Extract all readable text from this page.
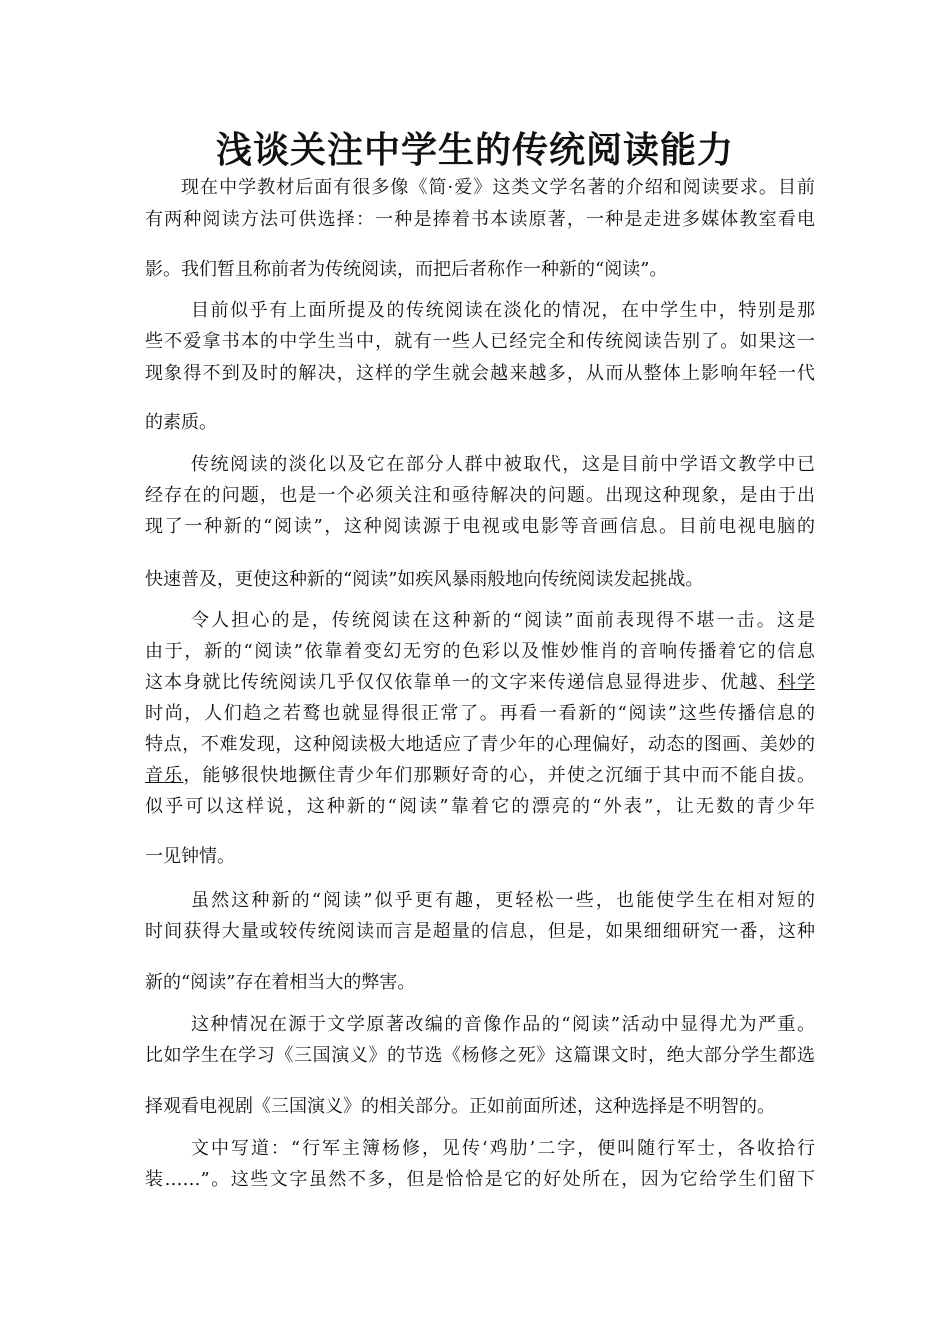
浅谈关注中学生的传统阅读能力
现在中学教材后面有很多像《简·爱》这类文学名著的介绍和阅读要求。目前
有两种阅读方法可供选择：一种是捧着书本读原著，一种是走进多媒体教室看电
影。我们暂且称前者为传统阅读，而把后者称作一种新的“阅读”。
目前似乎有上面所提及的传统阅读在淡化的情况，在中学生中，特别是那
些不爱拿书本的中学生当中，就有一些人已经完全和传统阅读告别了。如果这一
现象得不到及时的解决，这样的学生就会越来越多，从而从整体上影响年轻一代
的素质。
传统阅读的淡化以及它在部分人群中被取代，这是目前中学语文教学中已
经存在的问题，也是一个必须关注和亟待解决的问题。出现这种现象，是由于出
现了一种新的“阅读”，这种阅读源于电视或电影等音画信息。目前电视电脑的
快速普及，更使这种新的“阅读”如疾风暴雨般地向传统阅读发起挑战。
令人担心的是，传统阅读在这种新的“阅读”面前表现得不堪一击。这是
由于，新的“阅读”依靠着变幻无穷的色彩以及惟妙惟肖的音响传播着它的信息
这本身就比传统阅读几乎仅仅依靠单一的文字来传递信息显得进步、优越、科学
时尚，人们趋之若鹜也就显得很正常了。再看一看新的“阅读”这些传播信息的
特点，不难发现，这种阅读极大地适应了青少年的心理偏好，动态的图画、美妙的
音乐，能够很快地撅住青少年们那颗好奇的心，并使之沉缅于其中而不能自拔。
似乎可以这样说，这种新的“阅读”靠着它的漂亮的“外表”，让无数的青少年
一见钟情。
虽然这种新的“阅读”似乎更有趣，更轻松一些，也能使学生在相对短的
时间获得大量或较传统阅读而言是超量的信息，但是，如果细细研究一番，这种
新的“阅读”存在着相当大的弊害。
这种情况在源于文学原著改编的音像作品的“阅读”活动中显得尤为严重。
比如学生在学习《三国演义》的节选《杨修之死》这篇课文时，绝大部分学生都选
择观看电视剧《三国演义》的相关部分。正如前面所述，这种选择是不明智的。
文中写道：“行军主簿杨修，见传‘鸡肋’二字，便叫随行军士，各收拾行
装……”。这些文字虽然不多，但是恰恰是它的好处所在，因为它给学生们留下
